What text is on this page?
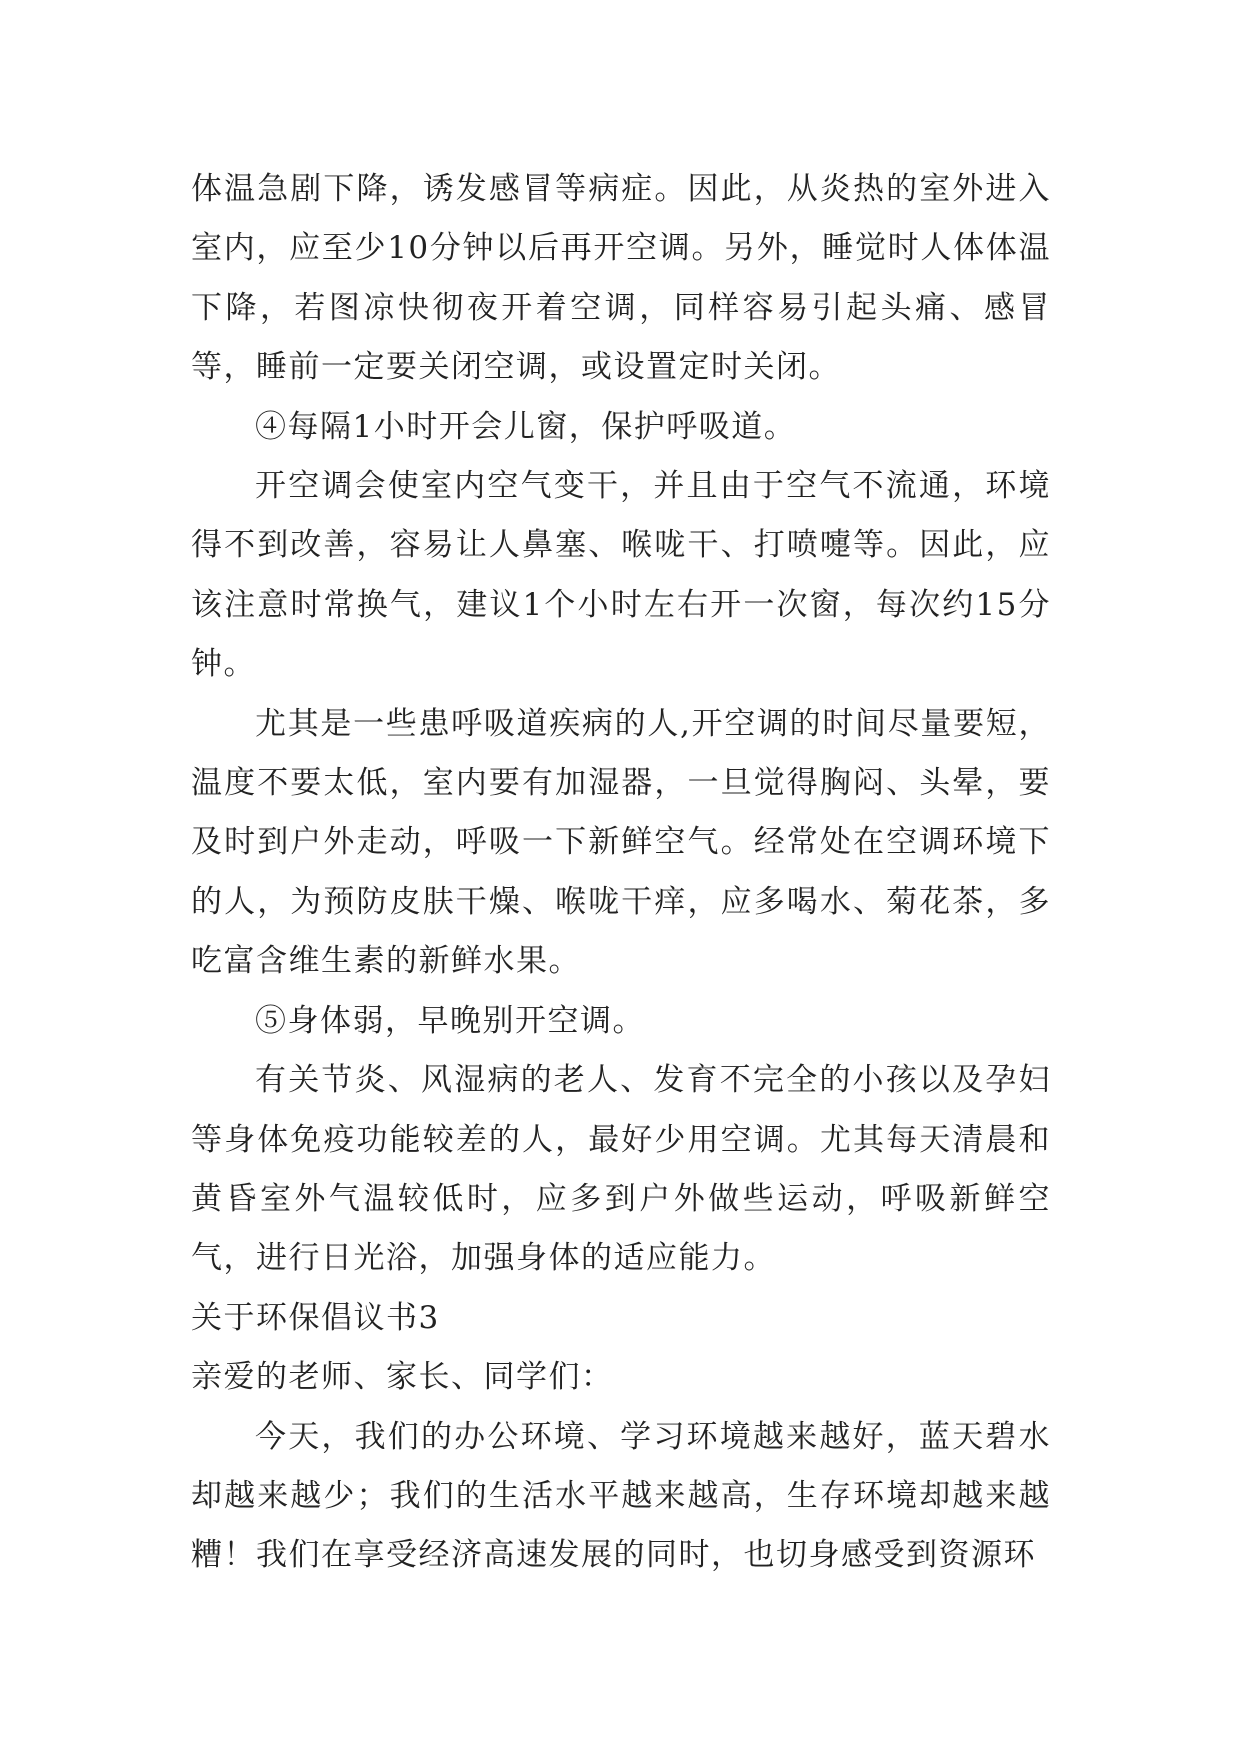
体温急剧下降，诱发感冒等病症。因此，从炎热的室外进入室内，应至少10分钟以后再开空调。另外，睡觉时人体体温下降，若图凉快彻夜开着空调，同样容易引起头痛、感冒等，睡前一定要关闭空调，或设置定时关闭。

④每隔1小时开会儿窗，保护呼吸道。

开空调会使室内空气变干，并且由于空气不流通，环境得不到改善，容易让人鼻塞、喉咙干、打喷嚏等。因此，应该注意时常换气，建议1个小时左右开一次窗，每次约15分钟。

尤其是一些患呼吸道疾病的人,开空调的时间尽量要短，温度不要太低，室内要有加湿器，一旦觉得胸闷、头晕，要及时到户外走动，呼吸一下新鲜空气。经常处在空调环境下的人，为预防皮肤干燥、喉咙干痒，应多喝水、菊花茶，多吃富含维生素的新鲜水果。

⑤身体弱，早晚别开空调。

有关节炎、风湿病的老人、发育不完全的小孩以及孕妇等身体免疫功能较差的人，最好少用空调。尤其每天清晨和黄昏室外气温较低时，应多到户外做些运动，呼吸新鲜空气，进行日光浴，加强身体的适应能力。

关于环保倡议书3

亲爱的老师、家长、同学们：

今天，我们的办公环境、学习环境越来越好，蓝天碧水却越来越少；我们的生活水平越来越高，生存环境却越来越糟！我们在享受经济高速发展的同时，也切身感受到资源环
